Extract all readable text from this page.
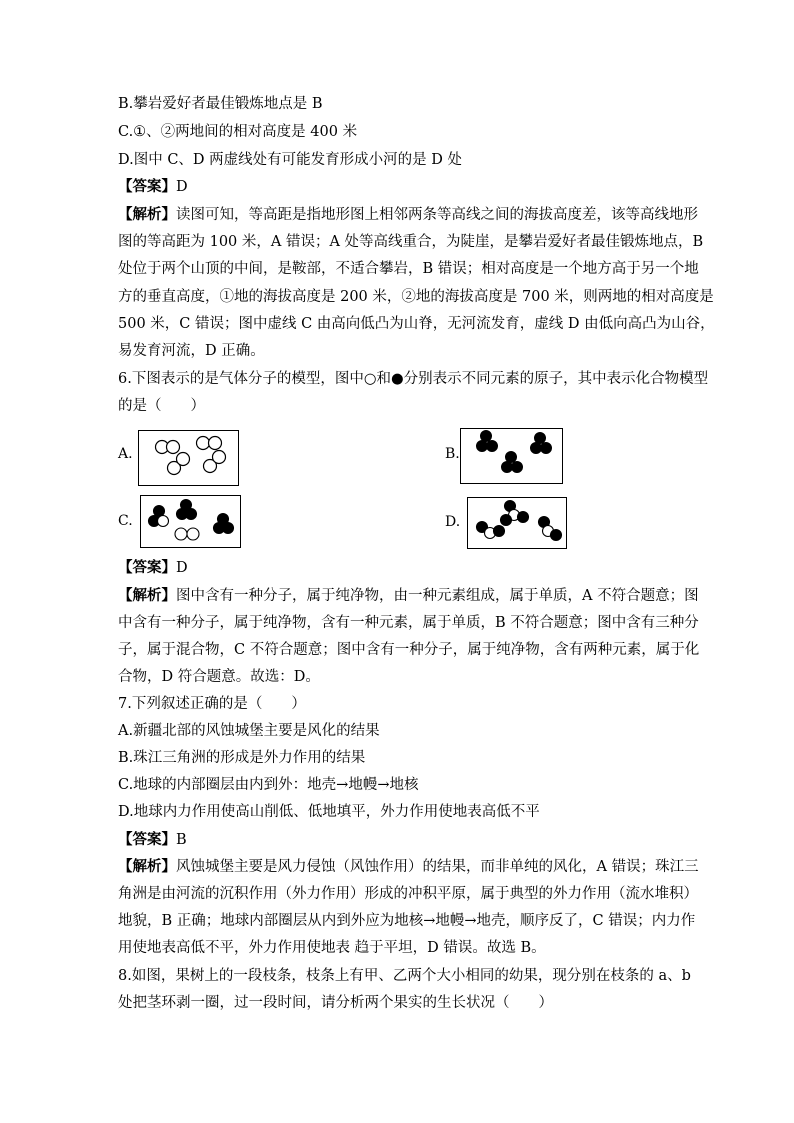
B.攀岩爱好者最佳锻炼地点是 B
C.①、②两地间的相对高度是 400 米
D.图中 C、D 两虚线处有可能发育形成小河的是 D 处
【答案】D
【解析】读图可知，等高距是指地形图上相邻两条等高线之间的海拔高度差，该等高线地形
图的等高距为 100 米，A 错误；A 处等高线重合，为陡崖，是攀岩爱好者最佳锻炼地点，B
处位于两个山顶的中间，是鞍部，不适合攀岩，B 错误；相对高度是一个地方高于另一个地
方的垂直高度，①地的海拔高度是 200 米，②地的海拔高度是 700 米，则两地的相对高度是
500 米，C 错误；图中虚线 C 由高向低凸为山脊，无河流发育，虚线 D 由低向高凸为山谷，
易发育河流，D 正确。
6.下图表示的是气体分子的模型，图中○和●分别表示不同元素的原子，其中表示化合物模型
的是（　　）
A.	B.
C.	D.
【答案】D
【解析】图中含有一种分子，属于纯净物，由一种元素组成，属于单质，A 不符合题意；图
中含有一种分子，属于纯净物，含有一种元素，属于单质，B 不符合题意；图中含有三种分
子，属于混合物，C 不符合题意；图中含有一种分子，属于纯净物，含有两种元素，属于化
合物，D 符合题意。故选：D。
7.下列叙述正确的是（　　）
A.新疆北部的风蚀城堡主要是风化的结果
B.珠江三角洲的形成是外力作用的结果
C.地球的内部圈层由内到外：地壳→地幔→地核
D.地球内力作用使高山削低、低地填平，外力作用使地表高低不平
【答案】B
【解析】风蚀城堡主要是风力侵蚀（风蚀作用）的结果，而非单纯的风化，A 错误；珠江三
角洲是由河流的沉积作用（外力作用）形成的冲积平原，属于典型的外力作用（流水堆积）
地貌，B 正确；地球内部圈层从内到外应为地核→地幔→地壳，顺序反了，C 错误；内力作
用使地表高低不平，外力作用使地表 趋于平坦，D 错误。故选 B。
8.如图，果树上的一段枝条，枝条上有甲、乙两个大小相同的幼果，现分别在枝条的 a、b
处把茎环剥一圈，过一段时间，请分析两个果实的生长状况（　　）
